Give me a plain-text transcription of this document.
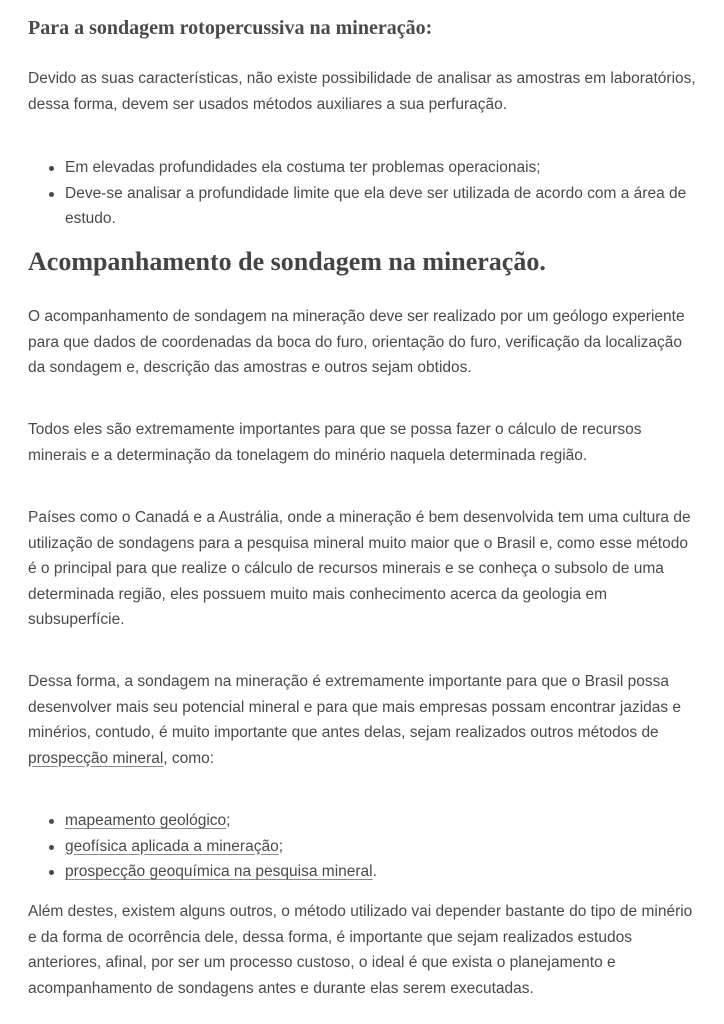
Para a sondagem rotopercussiva na mineração:

Devido as suas características, não existe possibilidade de analisar as amostras em laboratórios, dessa forma, devem ser usados métodos auxiliares a sua perfuração.

Em elevadas profundidades ela costuma ter problemas operacionais;
Deve-se analisar a profundidade limite que ela deve ser utilizada de acordo com a área de estudo.
Acompanhamento de sondagem na mineração.

O acompanhamento de sondagem na mineração deve ser realizado por um geólogo experiente para que dados de coordenadas da boca do furo, orientação do furo, verificação da localização da sondagem e, descrição das amostras e outros sejam obtidos.

Todos eles são extremamente importantes para que se possa fazer o cálculo de recursos minerais e a determinação da tonelagem do minério naquela determinada região.

Países como o Canadá e a Austrália, onde a mineração é bem desenvolvida tem uma cultura de utilização de sondagens para a pesquisa mineral muito maior que o Brasil e, como esse método é o principal para que realize o cálculo de recursos minerais e se conheça o subsolo de uma determinada região, eles possuem muito mais conhecimento acerca da geologia em subsuperfície.

Dessa forma, a sondagem na mineração é extremamente importante para que o Brasil possa desenvolver mais seu potencial mineral e para que mais empresas possam encontrar jazidas e minérios, contudo, é muito importante que antes delas, sejam realizados outros métodos de prospecção mineral, como:

mapeamento geológico;
geofísica aplicada a mineração;
prospecção geoquímica na pesquisa mineral.

Além destes, existem alguns outros, o método utilizado vai depender bastante do tipo de minério e da forma de ocorrência dele, dessa forma, é importante que sejam realizados estudos anteriores, afinal, por ser um processo custoso, o ideal é que exista o planejamento e acompanhamento de sondagens antes e durante elas serem executadas.
